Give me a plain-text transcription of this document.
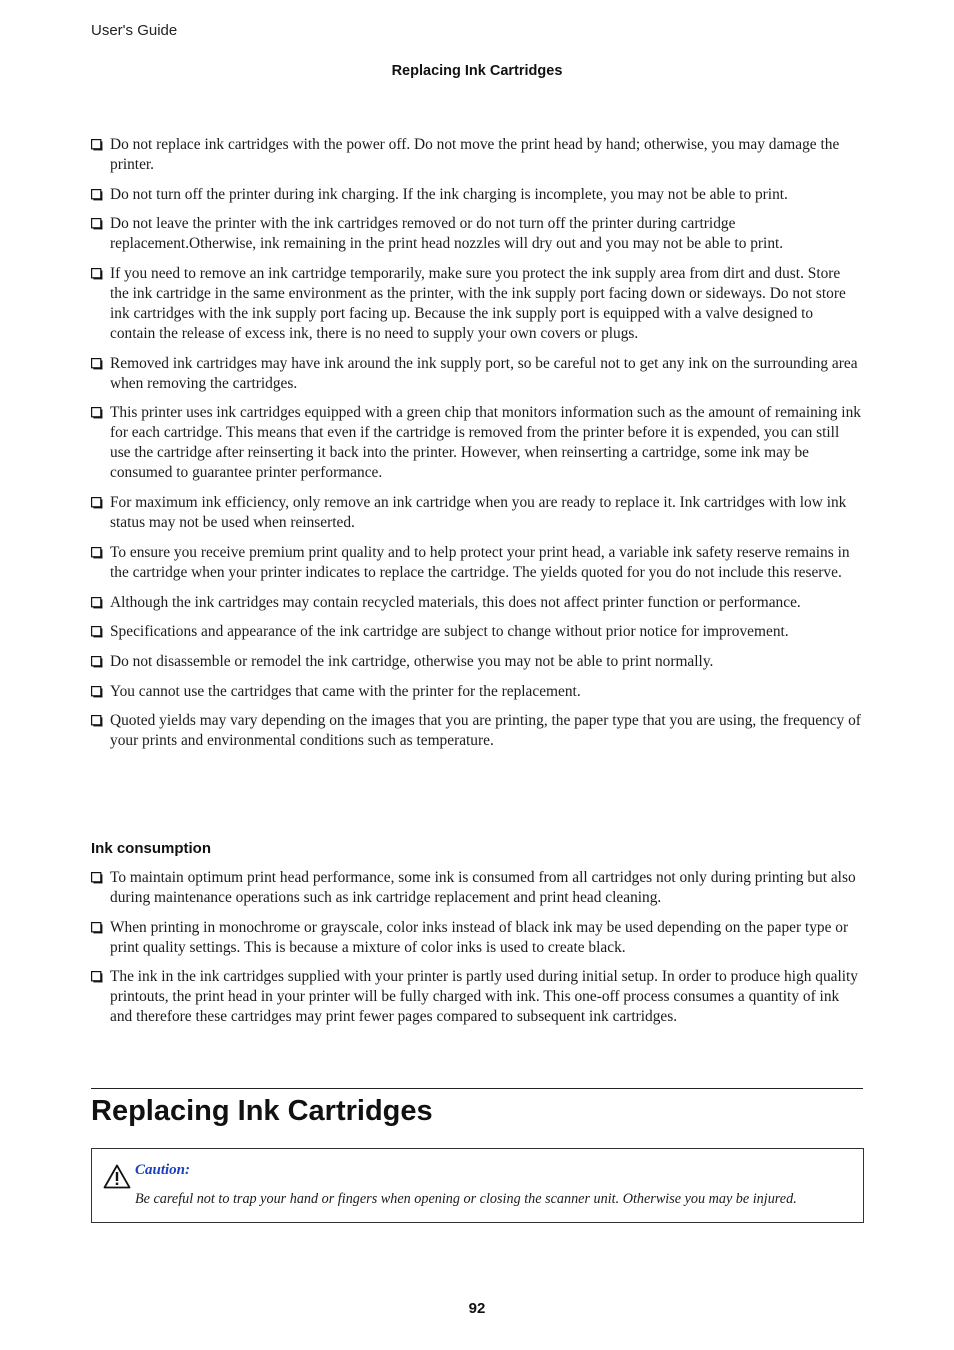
User's Guide
Replacing Ink Cartridges
Do not replace ink cartridges with the power off. Do not move the print head by hand; otherwise, you may damage the printer.
Do not turn off the printer during ink charging. If the ink charging is incomplete, you may not be able to print.
Do not leave the printer with the ink cartridges removed or do not turn off the printer during cartridge replacement.Otherwise, ink remaining in the print head nozzles will dry out and you may not be able to print.
If you need to remove an ink cartridge temporarily, make sure you protect the ink supply area from dirt and dust. Store the ink cartridge in the same environment as the printer, with the ink supply port facing down or sideways. Do not store ink cartridges with the ink supply port facing up. Because the ink supply port is equipped with a valve designed to contain the release of excess ink, there is no need to supply your own covers or plugs.
Removed ink cartridges may have ink around the ink supply port, so be careful not to get any ink on the surrounding area when removing the cartridges.
This printer uses ink cartridges equipped with a green chip that monitors information such as the amount of remaining ink for each cartridge. This means that even if the cartridge is removed from the printer before it is expended, you can still use the cartridge after reinserting it back into the printer. However, when reinserting a cartridge, some ink may be consumed to guarantee printer performance.
For maximum ink efficiency, only remove an ink cartridge when you are ready to replace it. Ink cartridges with low ink status may not be used when reinserted.
To ensure you receive premium print quality and to help protect your print head, a variable ink safety reserve remains in the cartridge when your printer indicates to replace the cartridge. The yields quoted for you do not include this reserve.
Although the ink cartridges may contain recycled materials, this does not affect printer function or performance.
Specifications and appearance of the ink cartridge are subject to change without prior notice for improvement.
Do not disassemble or remodel the ink cartridge, otherwise you may not be able to print normally.
You cannot use the cartridges that came with the printer for the replacement.
Quoted yields may vary depending on the images that you are printing, the paper type that you are using, the frequency of your prints and environmental conditions such as temperature.
Ink consumption
To maintain optimum print head performance, some ink is consumed from all cartridges not only during printing but also during maintenance operations such as ink cartridge replacement and print head cleaning.
When printing in monochrome or grayscale, color inks instead of black ink may be used depending on the paper type or print quality settings. This is because a mixture of color inks is used to create black.
The ink in the ink cartridges supplied with your printer is partly used during initial setup. In order to produce high quality printouts, the print head in your printer will be fully charged with ink. This one-off process consumes a quantity of ink and therefore these cartridges may print fewer pages compared to subsequent ink cartridges.
Replacing Ink Cartridges
Caution:
Be careful not to trap your hand or fingers when opening or closing the scanner unit. Otherwise you may be injured.
92
